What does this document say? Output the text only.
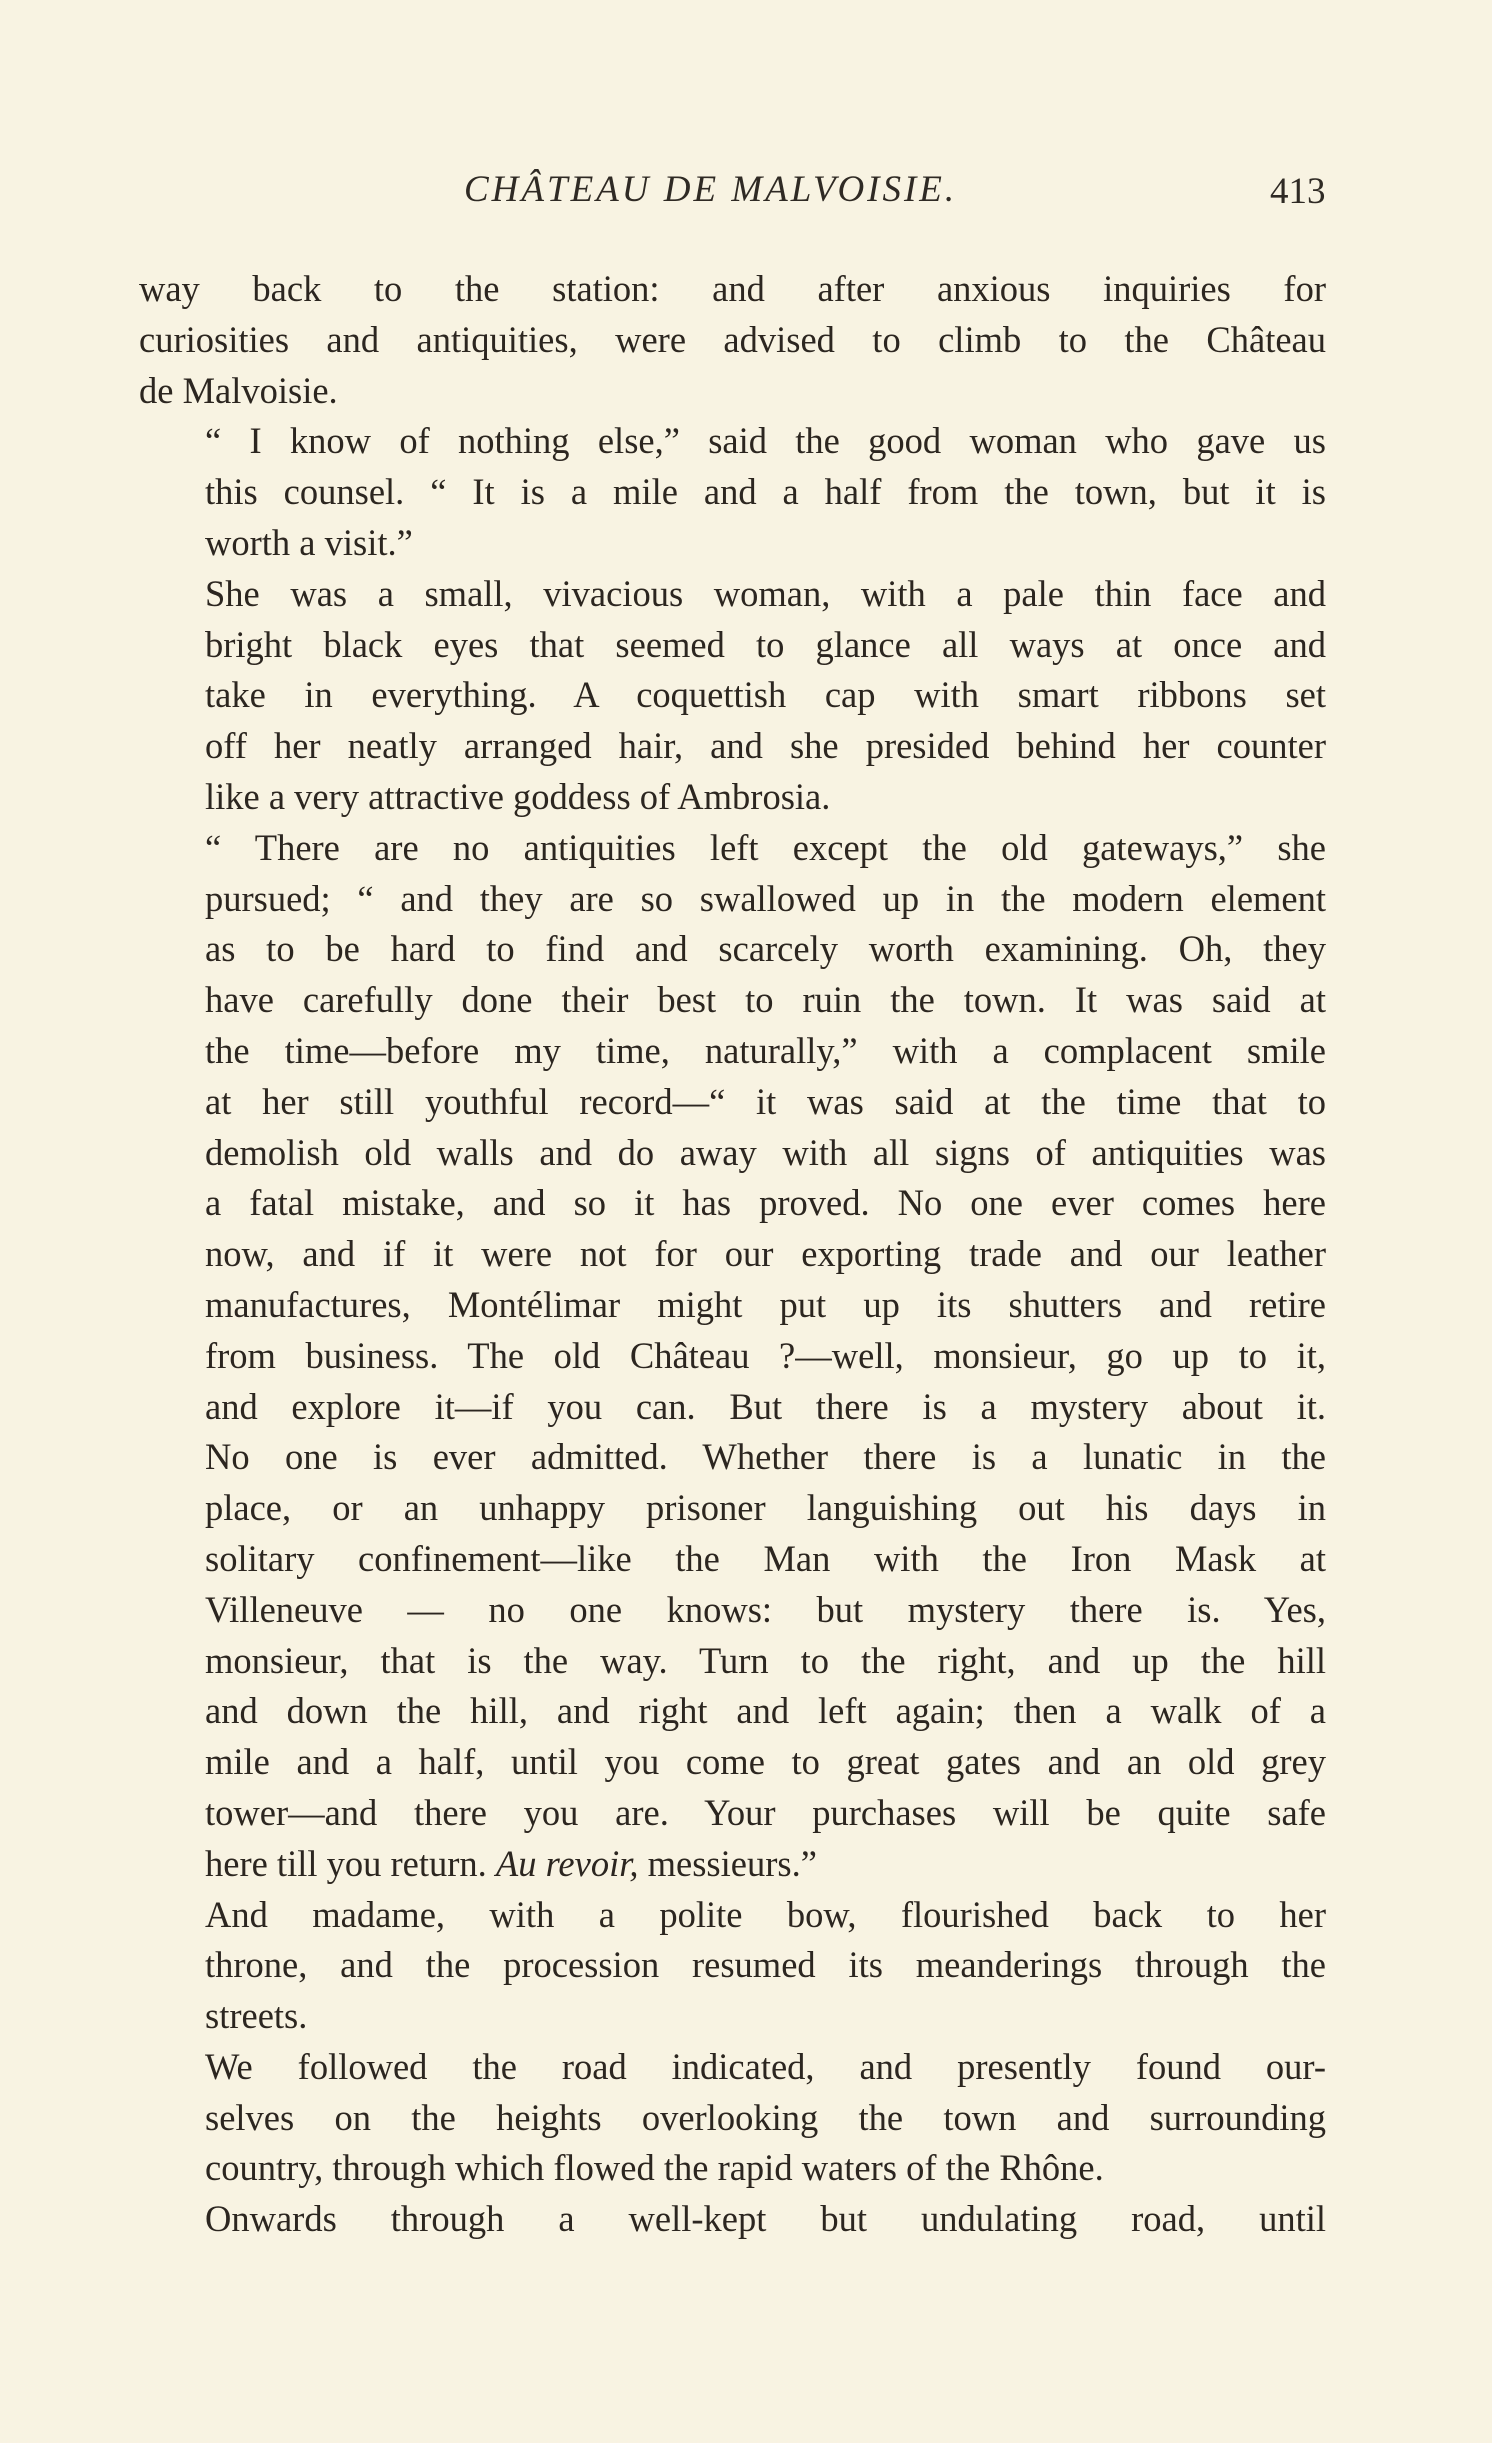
CHÂTEAU DE MALVOISIE.	413

way back to the station: and after anxious inquiries for
curiosities and antiquities, were advised to climb to the Château
de Malvoisie.

“ I know of nothing else,” said the good woman who gave us
this counsel. “ It is a mile and a half from the town, but it is
worth a visit.”

She was a small, vivacious woman, with a pale thin face and
bright black eyes that seemed to glance all ways at once and
take in everything. A coquettish cap with smart ribbons set
off her neatly arranged hair, and she presided behind her counter
like a very attractive goddess of Ambrosia.

“ There are no antiquities left except the old gateways,” she
pursued; “ and they are so swallowed up in the modern element
as to be hard to find and scarcely worth examining. Oh, they
have carefully done their best to ruin the town. It was said at
the time—before my time, naturally,” with a complacent smile
at her still youthful record—“ it was said at the time that to
demolish old walls and do away with all signs of antiquities was
a fatal mistake, and so it has proved. No one ever comes here
now, and if it were not for our exporting trade and our leather
manufactures, Montélimar might put up its shutters and retire
from business. The old Château ?—well, monsieur, go up to it,
and explore it—if you can. But there is a mystery about it.
No one is ever admitted. Whether there is a lunatic in the
place, or an unhappy prisoner languishing out his days in
solitary confinement—like the Man with the Iron Mask at
Villeneuve — no one knows: but mystery there is. Yes,
monsieur, that is the way. Turn to the right, and up the hill
and down the hill, and right and left again; then a walk of a
mile and a half, until you come to great gates and an old grey
tower—and there you are. Your purchases will be quite safe
here till you return. Au revoir, messieurs.”

And madame, with a polite bow, flourished back to her
throne, and the procession resumed its meanderings through the
streets.

We followed the road indicated, and presently found our-
selves on the heights overlooking the town and surrounding
country, through which flowed the rapid waters of the Rhône.

Onwards through a well-kept but undulating road, until
